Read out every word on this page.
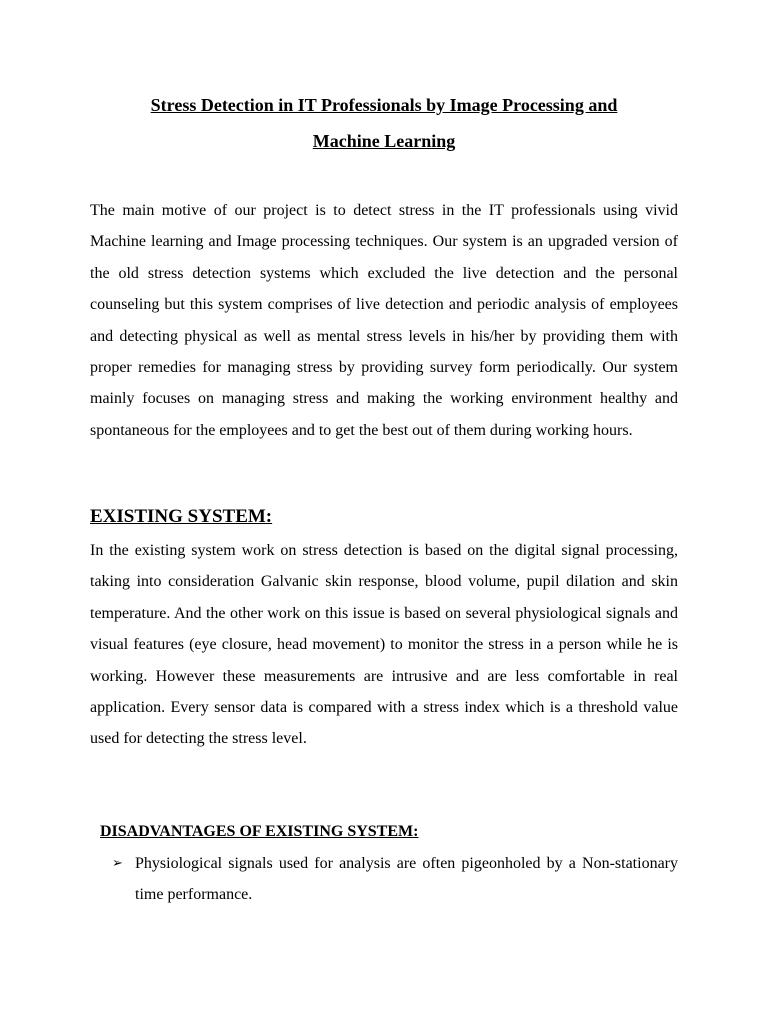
Stress Detection in IT Professionals by Image Processing and

Machine Learning

The main motive of our project is to detect stress in the IT professionals using vivid Machine learning and Image processing techniques. Our system is an upgraded version of the old stress detection systems which excluded the live detection and the personal counseling but this system comprises of live detection and periodic analysis of employees and detecting physical as well as mental stress levels in his/her by providing them with proper remedies for managing stress by providing survey form periodically. Our system mainly focuses on managing stress and making the working environment healthy and spontaneous for the employees and to get the best out of them during working hours.

EXISTING SYSTEM:

In the existing system work on stress detection is based on the digital signal processing, taking into consideration Galvanic skin response, blood volume, pupil dilation and skin temperature. And the other work on this issue is based on several physiological signals and visual features (eye closure, head movement) to monitor the stress in a person while he is working. However these measurements are intrusive and are less comfortable in real application. Every sensor data is compared with a stress index which is a threshold value used for detecting the stress level.

DISADVANTAGES OF EXISTING SYSTEM:
➢ Physiological signals used for analysis are often pigeonholed by a Non-stationary time performance.
